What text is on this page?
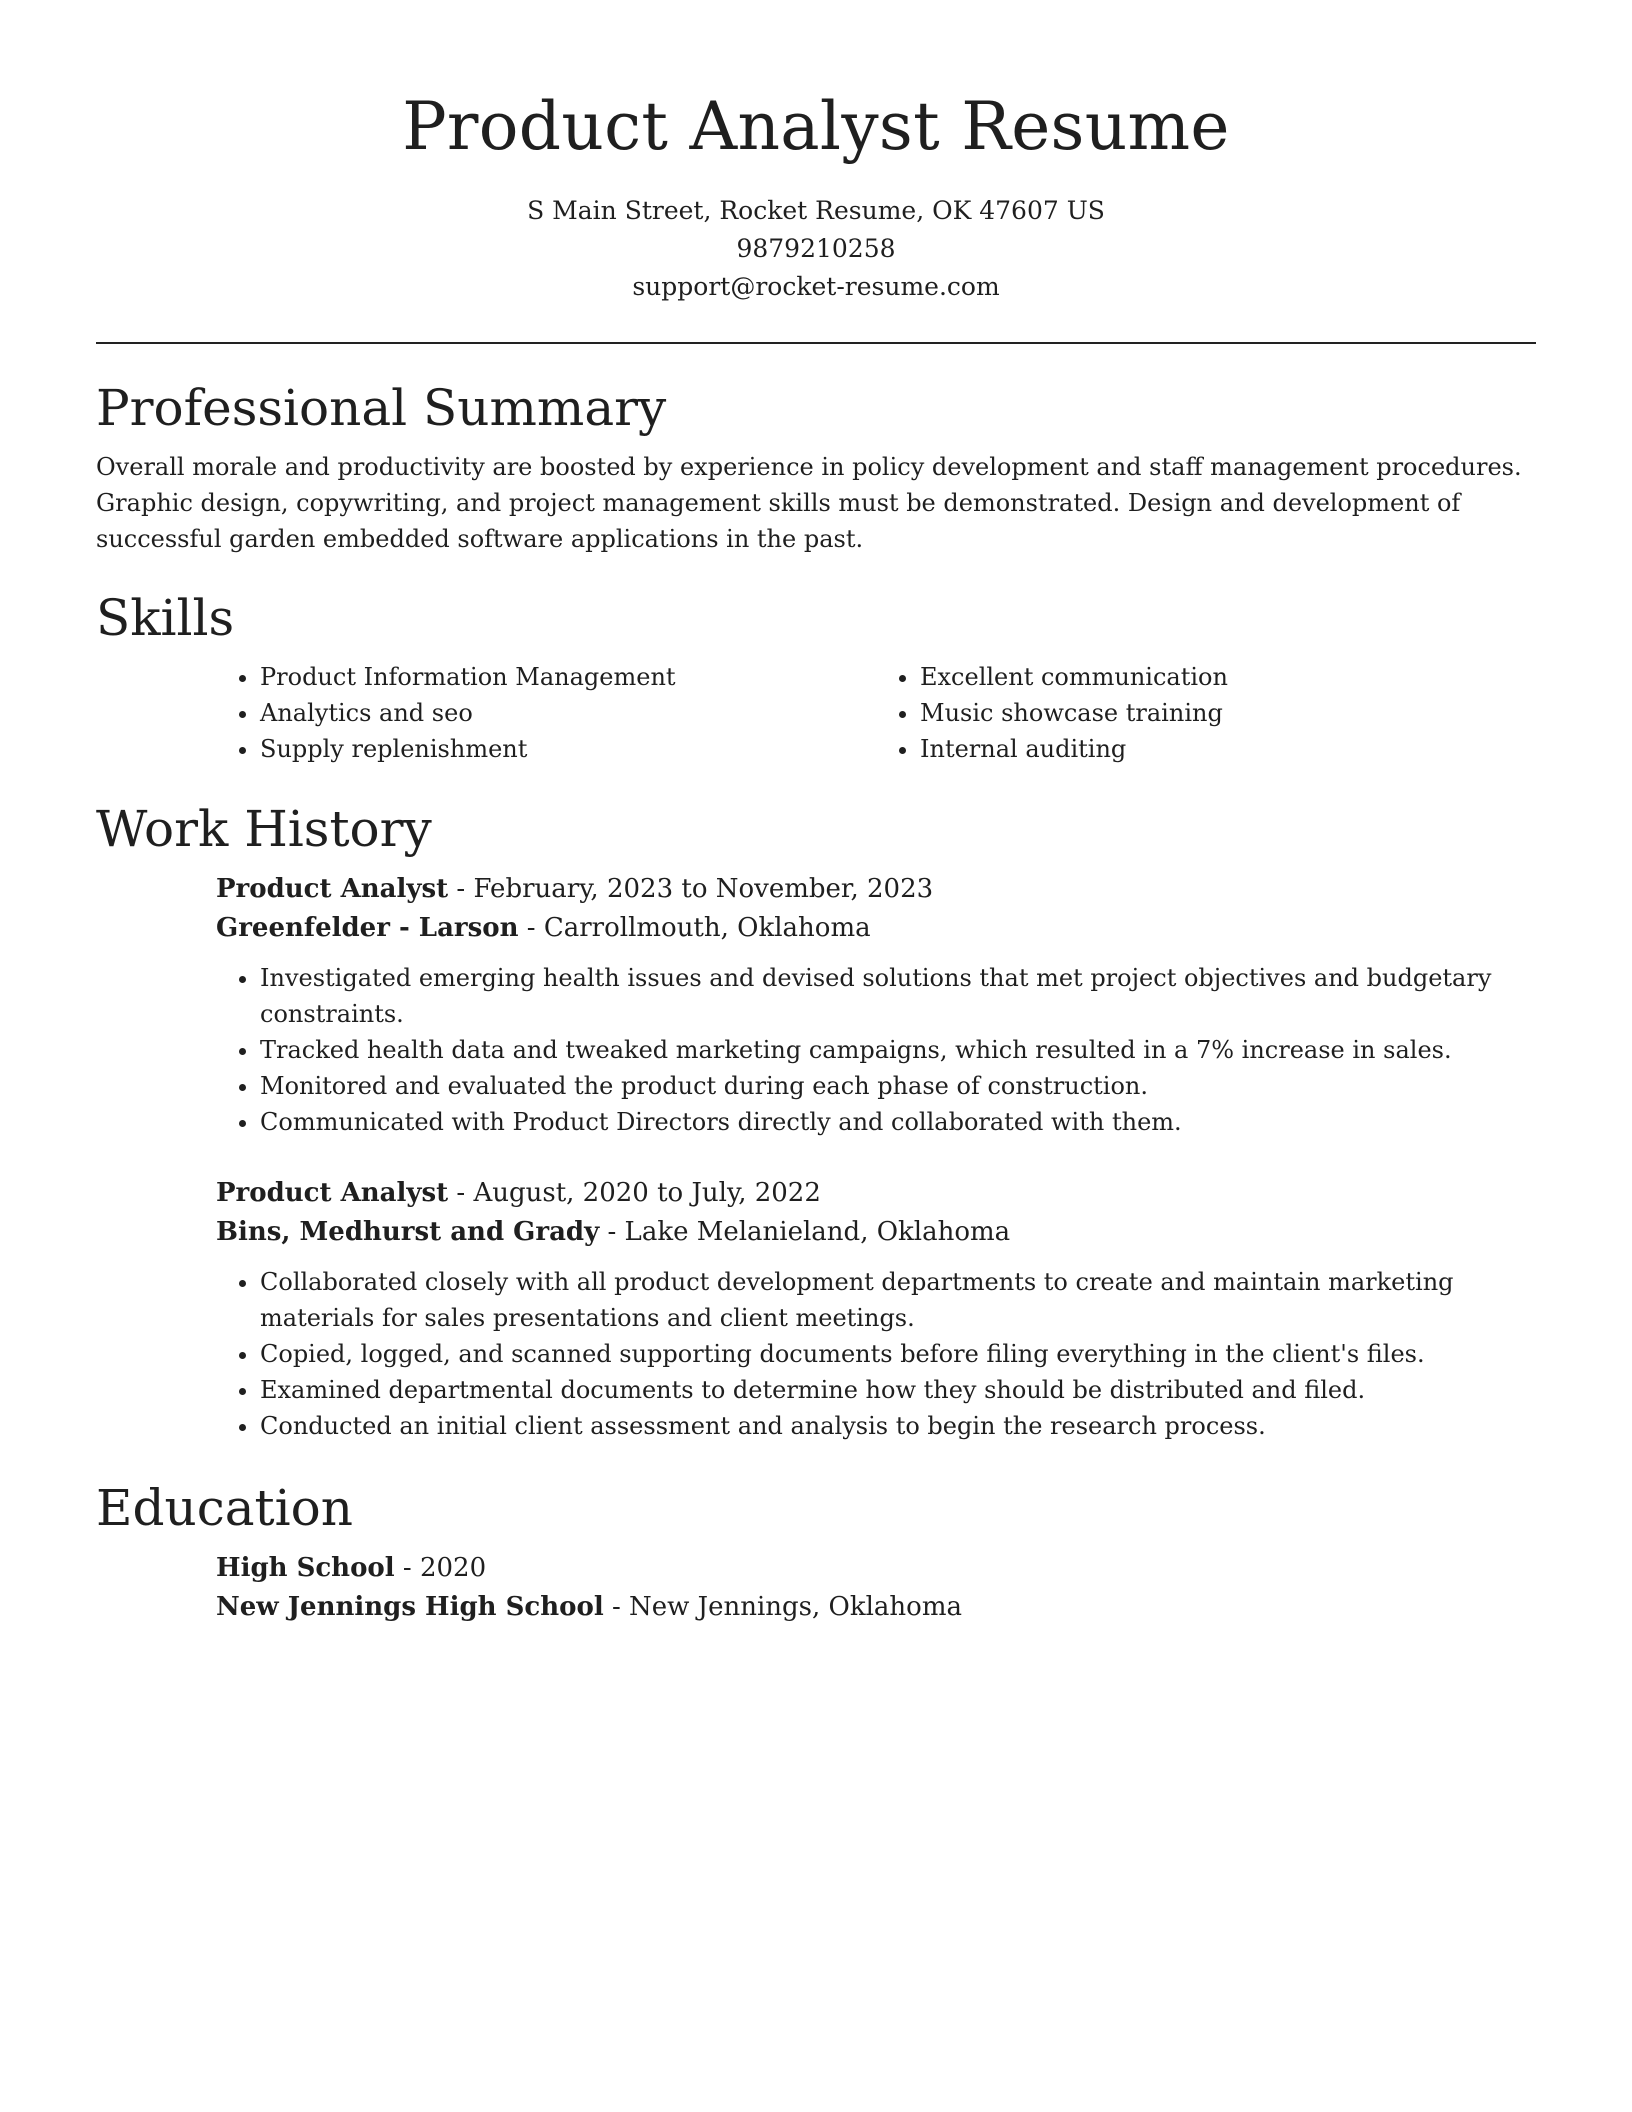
Product Analyst Resume
S Main Street, Rocket Resume, OK 47607 US
9879210258
support@rocket-resume.com
Professional Summary

Overall morale and productivity are boosted by experience in policy development and staff management procedures. Graphic design, copywriting, and project management skills must be demonstrated. Design and development of successful garden embedded software applications in the past.

Skills
• Product Information Management
• Analytics and seo
• Supply replenishment
• Excellent communication
• Music showcase training
• Internal auditing
Work History
Product Analyst - February, 2023 to November, 2023
Greenfelder - Larson - Carrollmouth, Oklahoma
• Investigated emerging health issues and devised solutions that met project objectives and budgetary constraints.
• Tracked health data and tweaked marketing campaigns, which resulted in a 7% increase in sales.
• Monitored and evaluated the product during each phase of construction.
• Communicated with Product Directors directly and collaborated with them.
Product Analyst - August, 2020 to July, 2022
Bins, Medhurst and Grady - Lake Melanieland, Oklahoma
• Collaborated closely with all product development departments to create and maintain marketing materials for sales presentations and client meetings.
• Copied, logged, and scanned supporting documents before filing everything in the client's files.
• Examined departmental documents to determine how they should be distributed and filed.
• Conducted an initial client assessment and analysis to begin the research process.
Education
High School - 2020
New Jennings High School - New Jennings, Oklahoma
